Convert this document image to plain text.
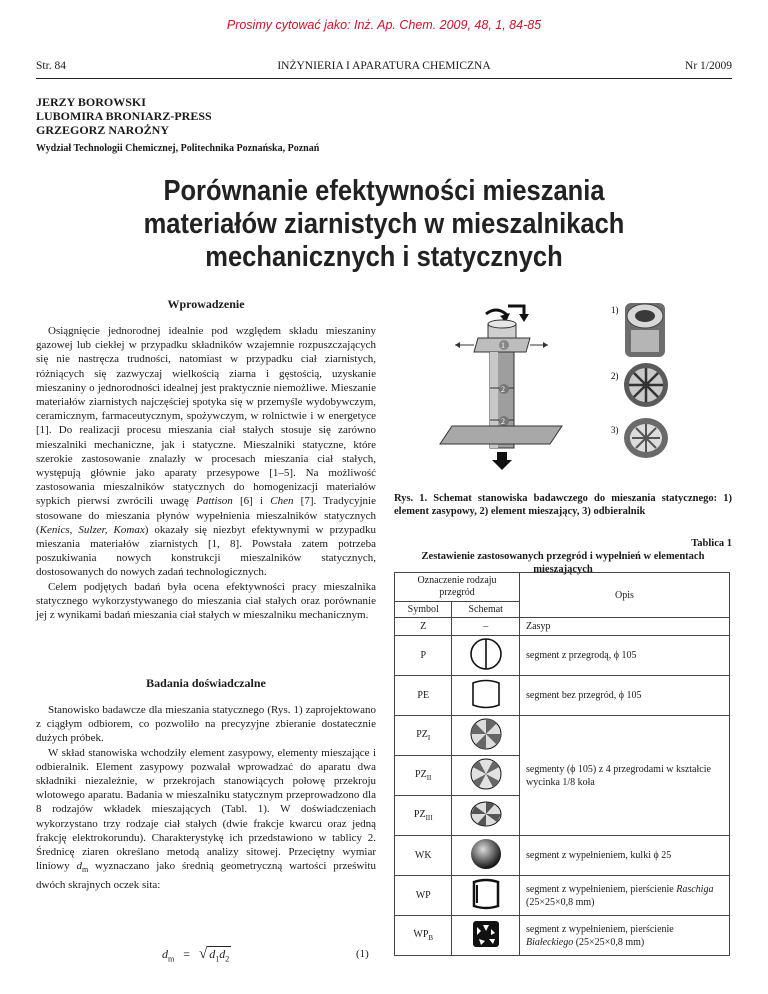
Prosimy cytować jako: Inż. Ap. Chem. 2009, 48, 1, 84-85
Str. 84	INŻYNIERIA I APARATURA CHEMICZNA	Nr 1/2009
JERZY BOROWSKI
LUBOMIRA BRONIARZ-PRESS
GRZEGORZ NAROŻNY
Wydział Technologii Chemicznej, Politechnika Poznańska, Poznań
Porównanie efektywności mieszania
materiałów ziarnistych w mieszalnikach
mechanicznych i statycznych
Wprowadzenie

Osiągnięcie jednorodnej idealnie pod względem składu mieszaniny gazowej lub ciekłej w przypadku składników wzajemnie rozpuszczających się nie nastręcza trudności, natomiast w przypadku ciał ziarnistych, różniących się zazwyczaj wielkością ziarna i gęstością, uzyskanie mieszaniny o jednorodności idealnej jest praktycznie niemożliwe. Mieszanie materiałów ziarnistych najczęściej spotyka się w przemyśle wydobywczym, ceramicznym, farmaceutycznym, spożywczym, w rolnictwie i w energetyce [1]. Do realizacji procesu mieszania ciał stałych stosuje się zarówno mieszalniki mechaniczne, jak i statyczne. Mieszalniki statyczne, które szerokie zastosowanie znalazły w procesach mieszania ciał stałych, występują głównie jako aparaty przesypowe [1–5]. Na możliwość zastosowania mieszalników statycznych do homogenizacji materiałów sypkich pierwsi zwrócili uwagę Pattison [6] i Chen [7]. Tradycyjnie stosowane do mieszania płynów wypełnienia mieszalników statycznych (Kenics, Sulzer, Komax) okazały się niezbyt efektywnymi w przypadku mieszania materiałów ziarnistych [1, 8]. Powstała zatem potrzeba poszukiwania nowych konstrukcji mieszalników statycznych, dostosowanych do nowych zadań technologicznych.

Celem podjętych badań była ocena efektywności pracy mieszalnika statycznego wykorzystywanego do mieszania ciał stałych oraz porównanie jej z wynikami badań mieszania ciał stałych w mieszalniku mechanicznym.

Badania doświadczalne

Stanowisko badawcze dla mieszania statycznego (Rys. 1) zaprojektowano z ciągłym odbiorem, co pozwoliło na precyzyjne zbieranie dostatecznie dużych próbek.

W skład stanowiska wchodziły element zasypowy, elementy mieszające i odbieralnik. Element zasypowy pozwalał wprowadzać do aparatu dwa składniki niezależnie, w przekrojach stanowiących połowę przekroju wlotowego aparatu. Badania w mieszalniku statycznym przeprowadzono dla 8 rodzajów wkładek mieszających (Tabl. 1). W doświadczeniach wykorzystano trzy rodzaje ciał stałych (dwie frakcje kwarcu oraz jedną frakcję elektrokorundu). Charakterystykę ich przedstawiono w tablicy 2. Średnicę ziaren określano metodą analizy sitowej. Przeciętny wymiar liniowy $d_m$ wyznaczano jako średnią geometryczną wartości prześwitu dwóch skrajnych oczek sita:

$d_m$ = √ $d_1d_2$	(1)
1
2
2
1)
2)
3)
Rys. 1. Schemat stanowiska badawczego do mieszania statycznego: 1) element zasypowy, 2) element mieszający, 3) odbieralnik
Tablica 1
Zestawienie zastosowanych przegród i wypełnień w elementach mieszających
Oznaczenie rodzaju przegród		Opis
Symbol	Schemat	
Z	–	Zasyp
P		segment z przegrodą, ϕ 105
PE		segment bez przegród, ϕ 105
$PZ_I$		segmenty (ϕ 105) z 4 przegrodami w kształcie wycinka 1/8 koła
$PZ_{II}$	
$PZ_{III}$	
WK		segment z wypełnieniem, kulki ϕ 25
WP		segment z wypełnieniem, pierścienie Raschiga (25×25×0,8 mm)
$WP_B$		segment z wypełnieniem, pierścienie Białeckiego (25×25×0,8 mm)
